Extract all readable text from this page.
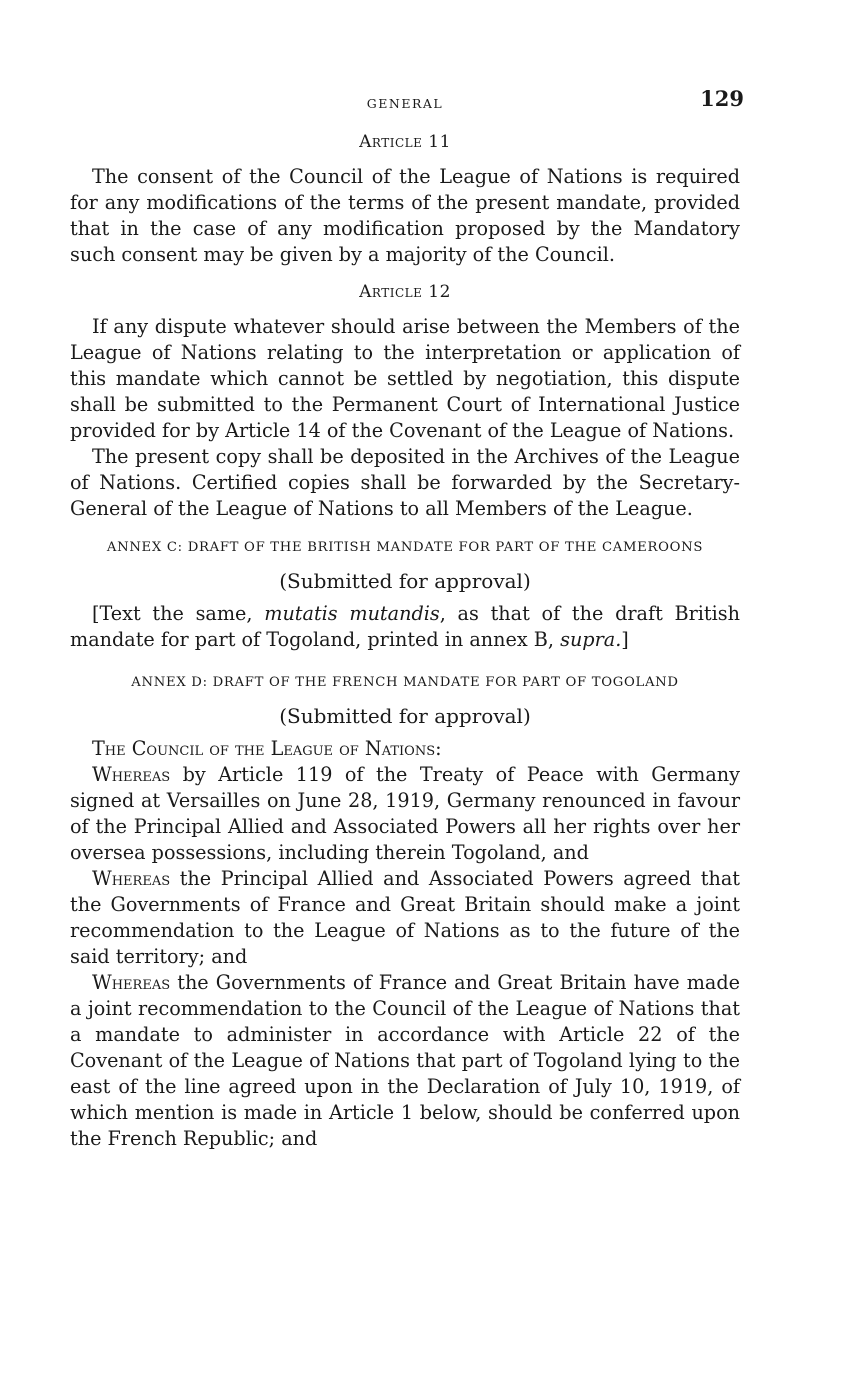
GENERAL	129
Article 11

The consent of the Council of the League of Nations is required for any modifications of the terms of the present mandate, provided that in the case of any modification proposed by the Mandatory such consent may be given by a majority of the Council.

Article 12

If any dispute whatever should arise between the Members of the League of Nations relating to the interpretation or application of this mandate which cannot be settled by negotiation, this dispute shall be submitted to the Permanent Court of International Justice provided for by Article 14 of the Covenant of the League of Nations.

The present copy shall be deposited in the Archives of the League of Nations. Certified copies shall be forwarded by the Secretary-General of the League of Nations to all Members of the League.

ANNEX C: DRAFT OF THE BRITISH MANDATE FOR PART OF THE CAMEROONS
(Submitted for approval)

[Text the same, mutatis mutandis, as that of the draft British mandate for part of Togoland, printed in annex B, supra.]

ANNEX D: DRAFT OF THE FRENCH MANDATE FOR PART OF TOGOLAND
(Submitted for approval)

The Council of the League of Nations:

Whereas by Article 119 of the Treaty of Peace with Germany signed at Versailles on June 28, 1919, Germany renounced in favour of the Principal Allied and Associated Powers all her rights over her oversea possessions, including therein Togoland, and

Whereas the Principal Allied and Associated Powers agreed that the Governments of France and Great Britain should make a joint recommendation to the League of Nations as to the future of the said territory; and

Whereas the Governments of France and Great Britain have made a joint recommendation to the Council of the League of Nations that a mandate to administer in accordance with Article 22 of the Covenant of the League of Nations that part of Togoland lying to the east of the line agreed upon in the Declaration of July 10, 1919, of which mention is made in Article 1 below, should be conferred upon the French Republic; and
